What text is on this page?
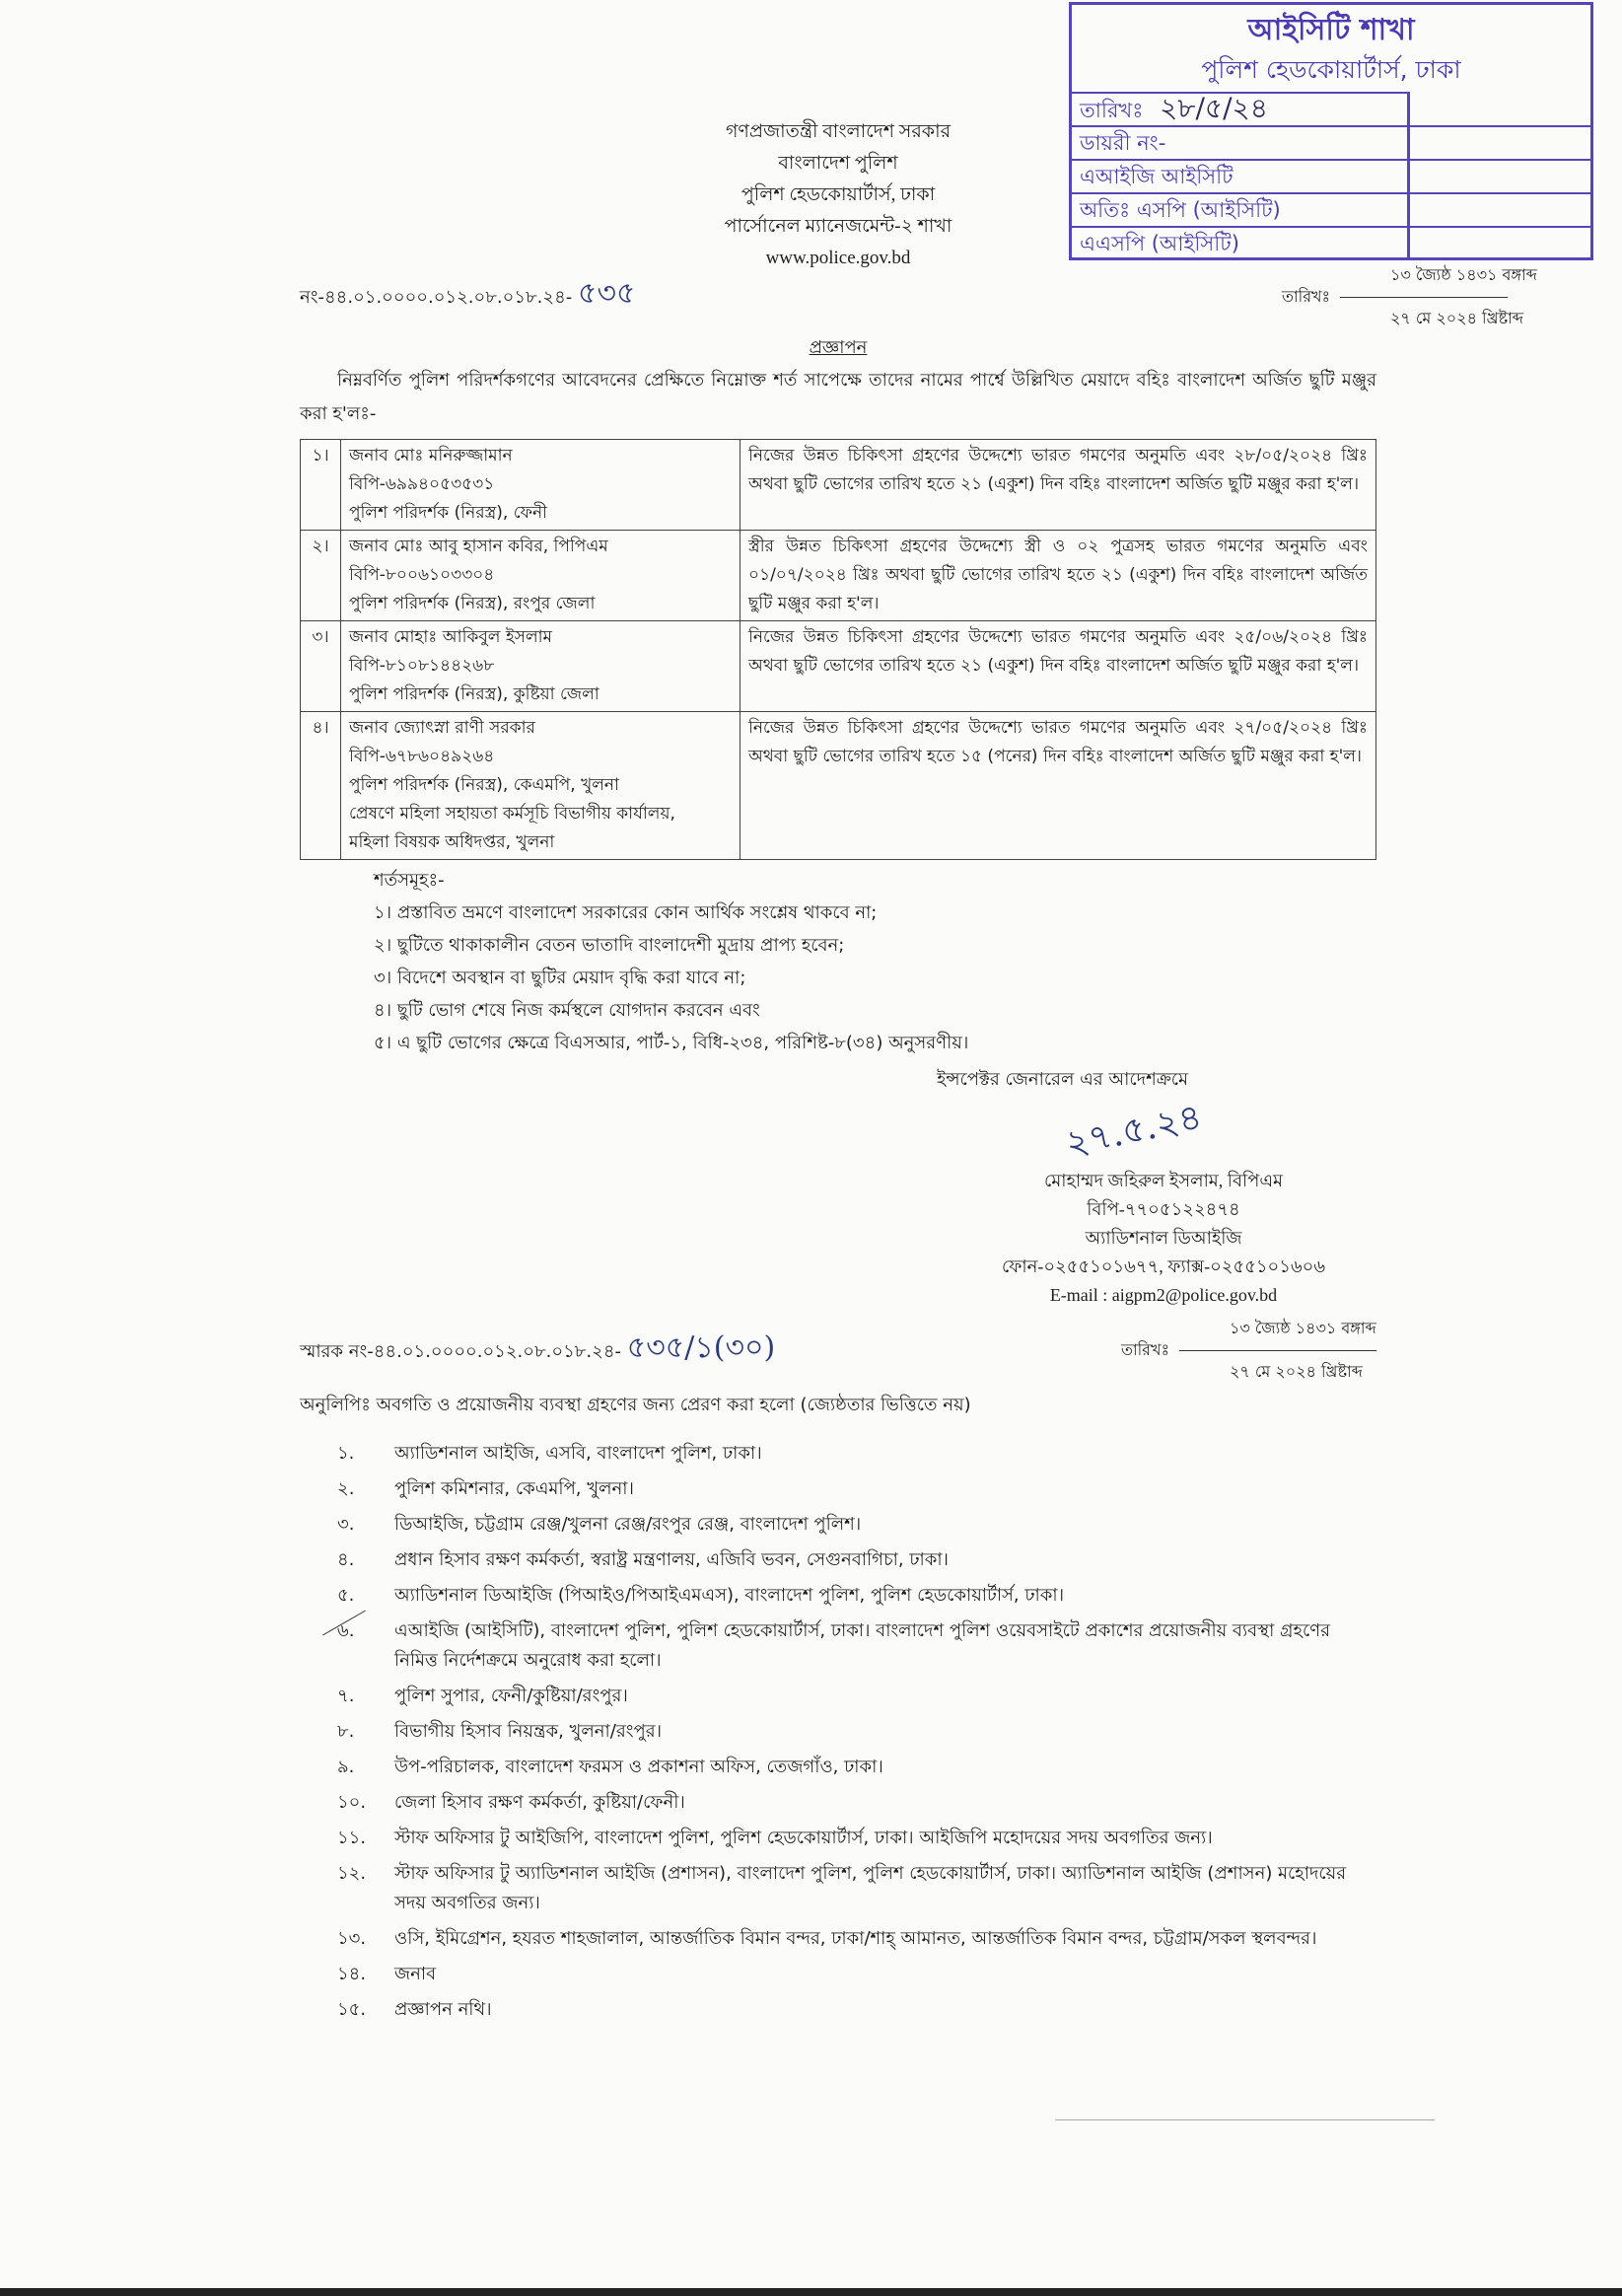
আইসিটি শাখা
পুলিশ হেডকোয়ার্টার্স, ঢাকা
তারিখঃ ২৮/৫/২৪
ডায়রী নং-
এআইজি আইসিটি
অতিঃ এসপি (আইসিটি)
এএসপি (আইসিটি)
গণপ্রজাতন্ত্রী বাংলাদেশ সরকার
বাংলাদেশ পুলিশ
পুলিশ হেডকোয়ার্টার্স, ঢাকা
পার্সোনেল ম্যানেজমেন্ট-২ শাখা
www.police.gov.bd
নং-৪৪.০১.০০০০.০১২.০৮.০১৮.২৪- ৫৩৫
১৩ জ্যৈষ্ঠ ১৪৩১ বঙ্গাব্দ
তারিখঃ
২৭ মে ২০২৪ খ্রিষ্টাব্দ
প্রজ্ঞাপন
নিম্নবর্ণিত পুলিশ পরিদর্শকগণের আবেদনের প্রেক্ষিতে নিম্নোক্ত শর্ত সাপেক্ষে তাদের নামের পার্শ্বে উল্লিখিত মেয়াদে বহিঃ বাংলাদেশ অর্জিত ছুটি মঞ্জুর করা হ'লঃ-
১।	জনাব মোঃ মনিরুজ্জামান
বিপি-৬৯৯৪০৫৩৫৩১
পুলিশ পরিদর্শক (নিরস্ত্র), ফেনী	নিজের উন্নত চিকিৎসা গ্রহণের উদ্দেশ্যে ভারত গমণের অনুমতি এবং ২৮/০৫/২০২৪ খ্রিঃ অথবা ছুটি ভোগের তারিখ হতে ২১ (একুশ) দিন বহিঃ বাংলাদেশ অর্জিত ছুটি মঞ্জুর করা হ'ল।
২।	জনাব মোঃ আবু হাসান কবির, পিপিএম
বিপি-৮০০৬১০৩৩০৪
পুলিশ পরিদর্শক (নিরস্ত্র), রংপুর জেলা	স্ত্রীর উন্নত চিকিৎসা গ্রহণের উদ্দেশ্যে স্ত্রী ও ০২ পুত্রসহ ভারত গমণের অনুমতি এবং ০১/০৭/২০২৪ খ্রিঃ অথবা ছুটি ভোগের তারিখ হতে ২১ (একুশ) দিন বহিঃ বাংলাদেশ অর্জিত ছুটি মঞ্জুর করা হ'ল।
৩।	জনাব মোহাঃ আকিবুল ইসলাম
বিপি-৮১০৮১৪৪২৬৮
পুলিশ পরিদর্শক (নিরস্ত্র), কুষ্টিয়া জেলা	নিজের উন্নত চিকিৎসা গ্রহণের উদ্দেশ্যে ভারত গমণের অনুমতি এবং ২৫/০৬/২০২৪ খ্রিঃ অথবা ছুটি ভোগের তারিখ হতে ২১ (একুশ) দিন বহিঃ বাংলাদেশ অর্জিত ছুটি মঞ্জুর করা হ'ল।
৪।	জনাব জ্যোৎস্না রাণী সরকার
বিপি-৬৭৮৬০৪৯২৬৪
পুলিশ পরিদর্শক (নিরস্ত্র), কেএমপি, খুলনা
প্রেষণে মহিলা সহায়তা কর্মসূচি বিভাগীয় কার্যালয়,
মহিলা বিষয়ক অধিদপ্তর, খুলনা	নিজের উন্নত চিকিৎসা গ্রহণের উদ্দেশ্যে ভারত গমণের অনুমতি এবং ২৭/০৫/২০২৪ খ্রিঃ অথবা ছুটি ভোগের তারিখ হতে ১৫ (পনের) দিন বহিঃ বাংলাদেশ অর্জিত ছুটি মঞ্জুর করা হ'ল।
শর্তসমূহঃ-
১। প্রস্তাবিত ভ্রমণে বাংলাদেশ সরকারের কোন আর্থিক সংশ্লেষ থাকবে না;
২। ছুটিতে থাকাকালীন বেতন ভাতাদি বাংলাদেশী মুদ্রায় প্রাপ্য হবেন;
৩। বিদেশে অবস্থান বা ছুটির মেয়াদ বৃদ্ধি করা যাবে না;
৪। ছুটি ভোগ শেষে নিজ কর্মস্থলে যোগদান করবেন এবং
৫। এ ছুটি ভোগের ক্ষেত্রে বিএসআর, পার্ট-১, বিধি-২৩৪, পরিশিষ্ট-৮(৩৪) অনুসরণীয়।
ইন্সপেক্টর জেনারেল এর আদেশক্রমে
২৭.৫.২৪
মোহাম্মদ জহিরুল ইসলাম, বিপিএম
বিপি-৭৭০৫১২২৪৭৪
অ্যাডিশনাল ডিআইজি
ফোন-০২৫৫১০১৬৭৭, ফ্যাক্স-০২৫৫১০১৬০৬
E-mail : aigpm2@police.gov.bd
স্মারক নং-৪৪.০১.০০০০.০১২.০৮.০১৮.২৪- ৫৩৫/১(৩০)
১৩ জ্যৈষ্ঠ ১৪৩১ বঙ্গাব্দ
তারিখঃ
২৭ মে ২০২৪ খ্রিষ্টাব্দ
অনুলিপিঃ অবগতি ও প্রয়োজনীয় ব্যবস্থা গ্রহণের জন্য প্রেরণ করা হলো (জ্যেষ্ঠতার ভিত্তিতে নয়)
১.	অ্যাডিশনাল আইজি, এসবি, বাংলাদেশ পুলিশ, ঢাকা।
২.	পুলিশ কমিশনার, কেএমপি, খুলনা।
৩.	ডিআইজি, চট্টগ্রাম রেঞ্জ/খুলনা রেঞ্জ/রংপুর রেঞ্জ, বাংলাদেশ পুলিশ।
৪.	প্রধান হিসাব রক্ষণ কর্মকর্তা, স্বরাষ্ট্র মন্ত্রণালয়, এজিবি ভবন, সেগুনবাগিচা, ঢাকা।
৫.	অ্যাডিশনাল ডিআইজি (পিআইও/পিআইএমএস), বাংলাদেশ পুলিশ, পুলিশ হেডকোয়ার্টার্স, ঢাকা।
৬.	এআইজি (আইসিটি), বাংলাদেশ পুলিশ, পুলিশ হেডকোয়ার্টার্স, ঢাকা। বাংলাদেশ পুলিশ ওয়েবসাইটে প্রকাশের প্রয়োজনীয় ব্যবস্থা গ্রহণের নিমিত্ত নির্দেশক্রমে অনুরোধ করা হলো।
৭.	পুলিশ সুপার, ফেনী/কুষ্টিয়া/রংপুর।
৮.	বিভাগীয় হিসাব নিয়ন্ত্রক, খুলনা/রংপুর।
৯.	উপ-পরিচালক, বাংলাদেশ ফরমস ও প্রকাশনা অফিস, তেজগাঁও, ঢাকা।
১০.	জেলা হিসাব রক্ষণ কর্মকর্তা, কুষ্টিয়া/ফেনী।
১১.	স্টাফ অফিসার টু আইজিপি, বাংলাদেশ পুলিশ, পুলিশ হেডকোয়ার্টার্স, ঢাকা। আইজিপি মহোদয়ের সদয় অবগতির জন্য।
১২.	স্টাফ অফিসার টু অ্যাডিশনাল আইজি (প্রশাসন), বাংলাদেশ পুলিশ, পুলিশ হেডকোয়ার্টার্স, ঢাকা। অ্যাডিশনাল আইজি (প্রশাসন) মহোদয়ের সদয় অবগতির জন্য।
১৩.	ওসি, ইমিগ্রেশন, হযরত শাহজালাল, আন্তর্জাতিক বিমান বন্দর, ঢাকা/শাহ্ আমানত, আন্তর্জাতিক বিমান বন্দর, চট্টগ্রাম/সকল স্থলবন্দর।
১৪.	জনাব
১৫.	প্রজ্ঞাপন নথি।
